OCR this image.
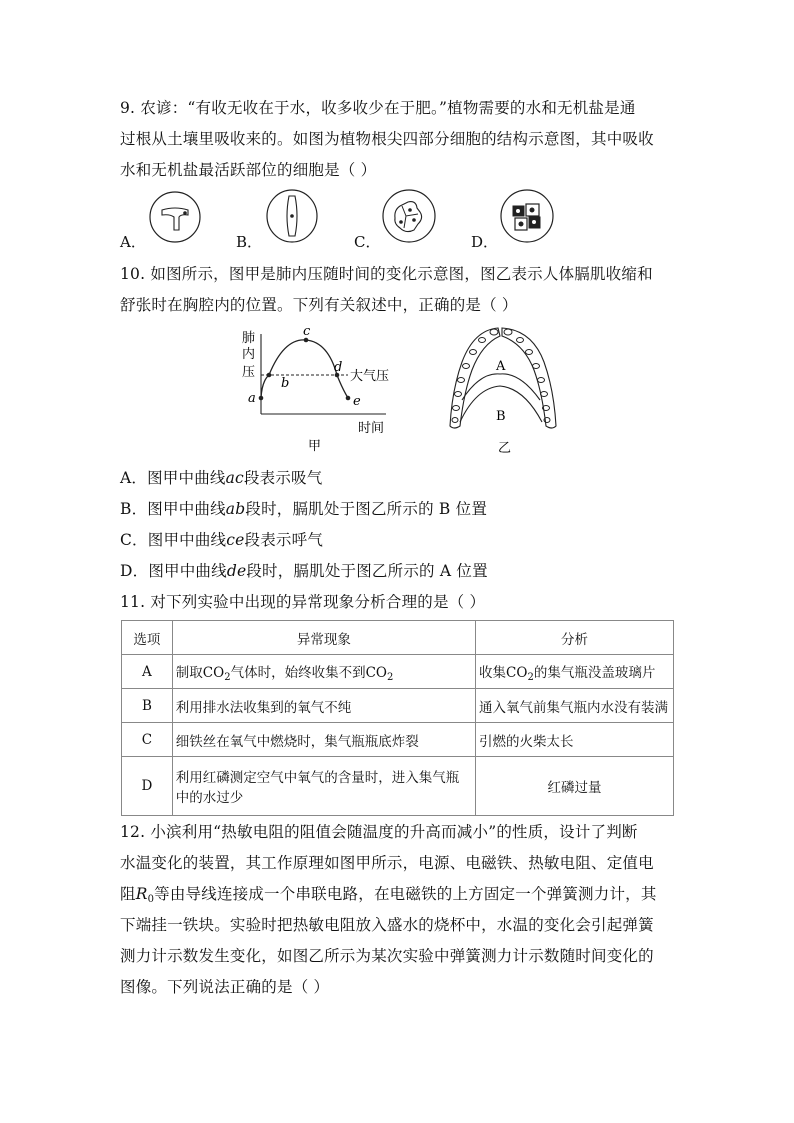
9. 农谚：“有收无收在于水，收多收少在于肥。”植物需要的水和无机盐是通
过根从土壤里吸收来的。如图为植物根尖四部分细胞的结构示意图，其中吸收
水和无机盐最活跃部位的细胞是（ ）
A．	B．	C．	D．
10. 如图所示，图甲是肺内压随时间的变化示意图，图乙表示人体膈肌收缩和
舒张时在胸腔内的位置。下列有关叙述中，正确的是（ ）
肺
内
压
a
b
c
d
e
大气压
时间
甲
A
B
乙
A．图甲中曲线ac段表示吸气
B．图甲中曲线ab段时，膈肌处于图乙所示的 B 位置
C．图甲中曲线ce段表示呼气
D．图甲中曲线de段时，膈肌处于图乙所示的 A 位置
11. 对下列实验中出现的异常现象分析合理的是（ ）
选项	异常现象	分析
A	制取$CO_2$气体时，始终收集不到$CO_2$	收集$CO_2$的集气瓶没盖玻璃片
B	利用排水法收集到的氧气不纯	通入氧气前集气瓶内水没有装满
C	细铁丝在氧气中燃烧时，集气瓶瓶底炸裂	引燃的火柴太长
D	利用红磷测定空气中氧气的含量时，进入集气瓶
中的水过少	红磷过量
12. 小滨利用“热敏电阻的阻值会随温度的升高而减小”的性质，设计了判断
水温变化的装置，其工作原理如图甲所示，电源、电磁铁、热敏电阻、定值电
阻$R_0$等由导线连接成一个串联电路，在电磁铁的上方固定一个弹簧测力计，其
下端挂一铁块。实验时把热敏电阻放入盛水的烧杯中，水温的变化会引起弹簧
测力计示数发生变化，如图乙所示为某次实验中弹簧测力计示数随时间变化的
图像。下列说法正确的是（ ）
